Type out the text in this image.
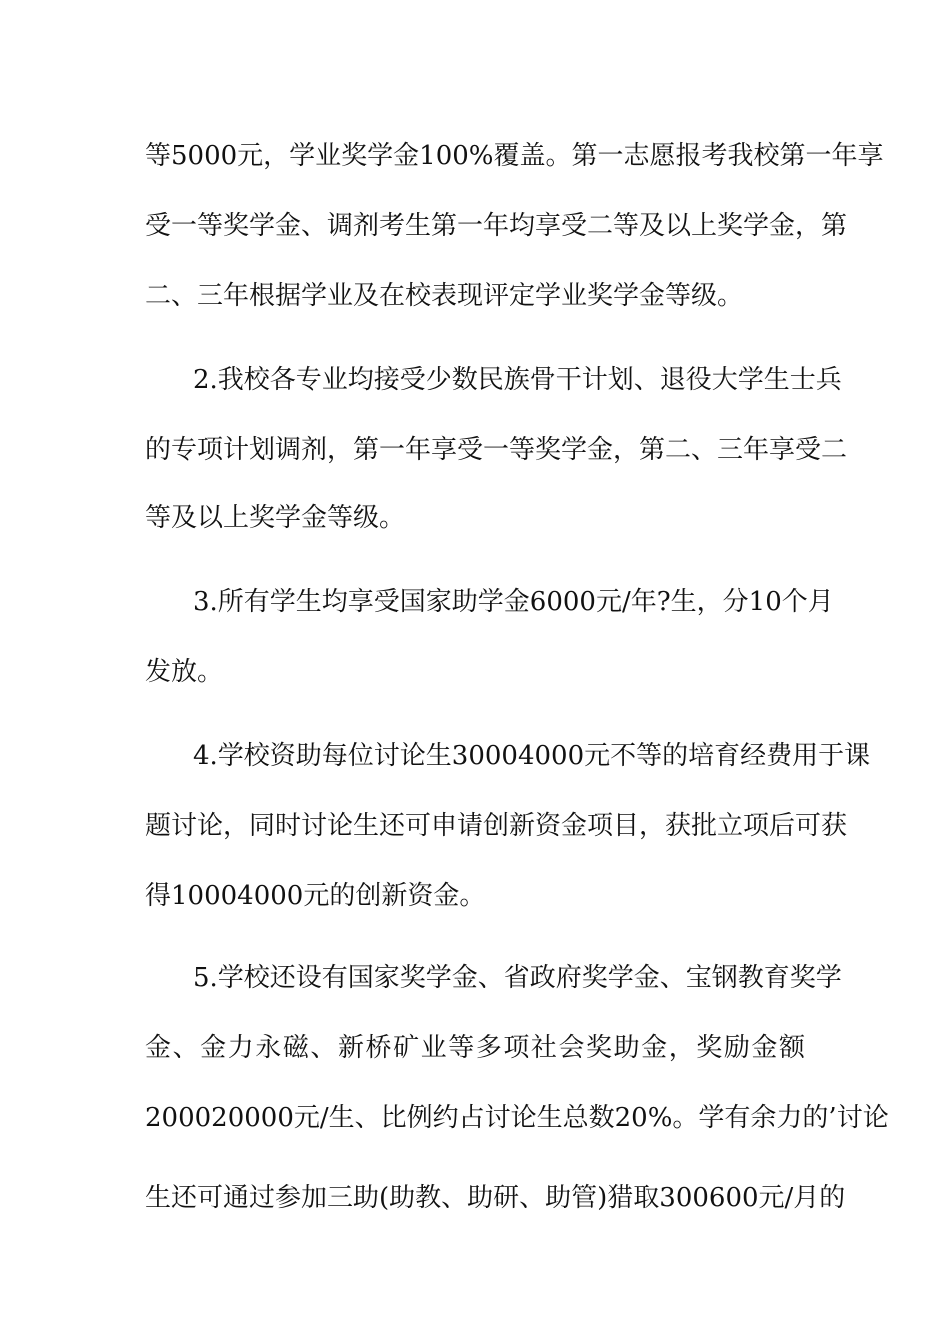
等5000元，学业奖学金100%覆盖。第一志愿报考我校第一年享
受一等奖学金、调剂考生第一年均享受二等及以上奖学金，第
二、三年根据学业及在校表现评定学业奖学金等级。
2.我校各专业均接受少数民族骨干计划、退役大学生士兵
的专项计划调剂，第一年享受一等奖学金，第二、三年享受二
等及以上奖学金等级。
3.所有学生均享受国家助学金6000元/年?生，分10个月
发放。
4.学校资助每位讨论生30004000元不等的培育经费用于课
题讨论，同时讨论生还可申请创新资金项目，获批立项后可获
得10004000元的创新资金。
5.学校还设有国家奖学金、省政府奖学金、宝钢教育奖学
金、金力永磁、新桥矿业等多项社会奖助金，奖励金额
200020000元/生、比例约占讨论生总数20%。学有余力的’讨论
生还可通过参加三助(助教、助研、助管)猎取300600元/月的
